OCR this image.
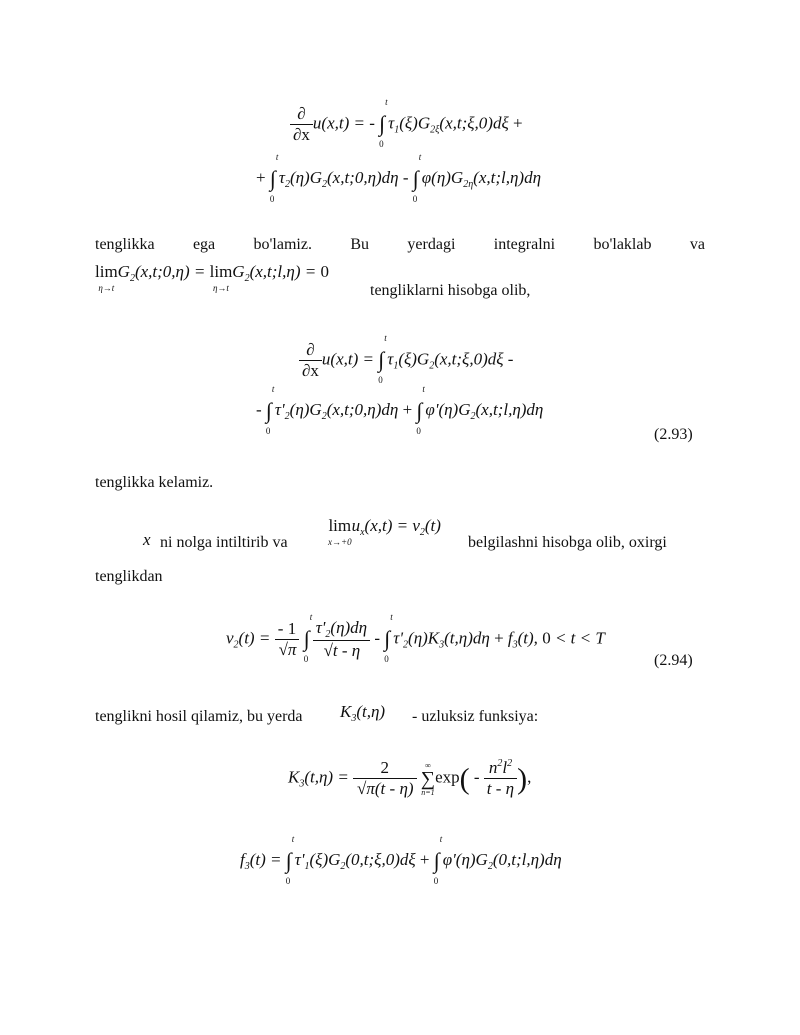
$\frac{\partial}{\partial x} u(x,t)$ = - ∫
t
0
$\tau_1(\xi)G_{2\xi}(x,t;\xi,0)d\xi$ +
+ ∫
t
0
$\tau_2(\eta)G_2(x,t;0,\eta)d\eta$ - ∫
t
0
$\varphi(\eta)G_{2\eta}(x,t;l,\eta)d\eta$
tenglikka ega bo'lamiz. Bu yerdagi integralni bo'laklab va
lim
$^{\eta\to t}G_2(x,t;0,\eta) = \lim$
$^{\eta\to t}G_2(x,t;l,\eta) = 0$
tengliklarni hisobga olib,
$\frac{\partial}{\partial x} u(x,t)$ = ∫
t
0
$\tau_1(\xi)G_2(x,t;\xi,0)d\xi$ -
- ∫
t
0
$\tau'_2(\eta)G_2(x,t;0,\eta)d\eta$ + ∫
t
0
$\varphi'(\eta)G_2(x,t;l,\eta)d\eta$
(2.93)
tenglikka kelamiz.
x ni nolga intiltirib va
lim
$^{x\to+0}u_x(x,t) = \nu_2(t)$
belgilashni hisobga olib, oxirgi
tenglikdan
$\nu_2(t) = \frac{- 1}{√\pi}$ ∫
t
$0 \frac{\tau'_2(\eta)d\eta}{√t - \eta}$ - ∫
t
0
$\tau'_2(\eta)K_3(t,\eta)d\eta + f_3(t)$, 0 < t < T
(2.94)
tenglikni hosil qilamiz, bu yerda $K_3(t,\eta)$ - uzluksiz funksiya:
$K_3(t,\eta) = \frac{2}{√\pi(t - \eta)}$
	∞
∑
n=1
$\exp( - \frac{n^2l^2}{t - \eta}$ ),
$f_3(t)$ = ∫
t
0
$\tau'_1(\xi)G_2(0,t;\xi,0)d\xi$ + ∫
t
0
$\varphi'(\eta)G_2(0,t;l,\eta)d\eta$
